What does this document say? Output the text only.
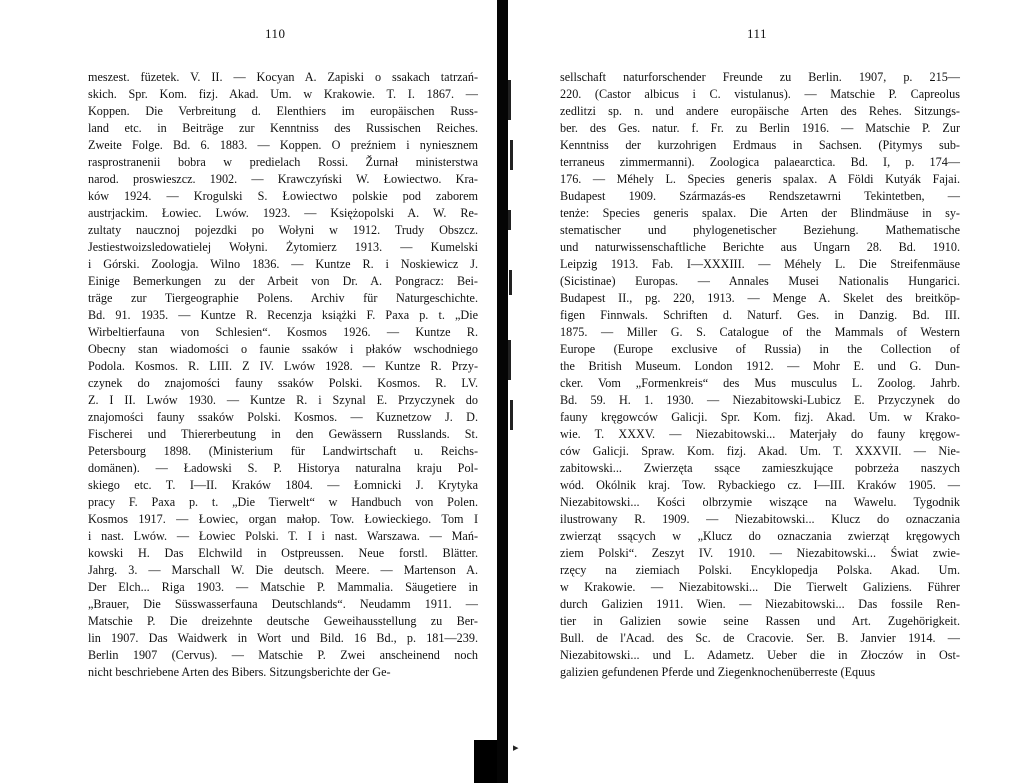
110
meszest. füzetek. V. II. — Kocyan A. Zapiski o ssakach tatrzań-
skich. Spr. Kom. fizj. Akad. Um. w Krakowie. T. I. 1867. —
Koppen. Die Verbreitung d. Elenthiers im europäischen Russ-
land etc. in Beiträge zur Kenntniss des Russischen Reiches.
Zweite Folge. Bd. 6. 1883. — Koppen. O preźniem i nyniesznem
rasprostranenii bobra w predielach Rossi. Žurnał ministerstwa
narod. proswieszcz. 1902. — Krawczyński W. Łowiectwo. Kra-
ków 1924. — Krogulski S. Łowiectwo polskie pod zaborem
austrjackim. Łowiec. Lwów. 1923. — Księżopolski A. W. Re-
zultaty naucznoj pojezdki po Wołyni w 1912. Trudy Obszcz.
Jestiestwoizsledowatielej Wołyni. Żytomierz 1913. — Kumelski
i Górski. Zoologja. Wilno 1836. — Kuntze R. i Noskiewicz J.
Einige Bemerkungen zu der Arbeit von Dr. A. Pongracz: Bei-
träge zur Tiergeographie Polens. Archiv für Naturgeschichte.
Bd. 91. 1935. — Kuntze R. Recenzja książki F. Paxa p. t. „Die
Wirbeltierfauna von Schlesien“. Kosmos 1926. — Kuntze R.
Obecny stan wiadomości o faunie ssaków i płaków wschodniego
Podola. Kosmos. R. LIII. Z IV. Lwów 1928. — Kuntze R. Przy-
czynek do znajomości fauny ssaków Polski. Kosmos. R. LV.
Z. I II. Lwów 1930. — Kuntze R. i Szynal E. Przyczynek do
znajomości fauny ssaków Polski. Kosmos. — Kuznetzow J. D.
Fischerei und Thiererbeutung in den Gewässern Russlands. St.
Petersbourg 1898. (Ministerium für Landwirtschaft u. Reichs-
domänen). — Ładowski S. P. Historya naturalna kraju Pol-
skiego etc. T. I—II. Kraków 1804. — Łomnicki J. Krytyka
pracy F. Paxa p. t. „Die Tierwelt“ w Handbuch von Polen.
Kosmos 1917. — Łowiec, organ małop. Tow. Łowieckiego. Tom I
i nast. Lwów. — Łowiec Polski. T. I i nast. Warszawa. — Mań-
kowski H. Das Elchwild in Ostpreussen. Neue forstl. Blätter.
Jahrg. 3. — Marschall W. Die deutsch. Meere. — Martenson A.
Der Elch... Riga 1903. — Matschie P. Mammalia. Säugetiere in
„Brauer, Die Süsswasserfauna Deutschlands“. Neudamm 1911. —
Matschie P. Die dreizehnte deutsche Geweihausstellung zu Ber-
lin 1907. Das Waidwerk in Wort und Bild. 16 Bd., p. 181—239.
Berlin 1907 (Cervus). — Matschie P. Zwei anscheinend noch
nicht beschriebene Arten des Bibers. Sitzungsberichte der Ge-
111
sellschaft naturforschender Freunde zu Berlin. 1907, p. 215—
220. (Castor albicus i C. vistulanus). — Matschie P. Capreolus
zedlitzi sp. n. und andere europäische Arten des Rehes. Sitzungs-
ber. des Ges. natur. f. Fr. zu Berlin 1916. — Matschie P. Zur
Kenntniss der kurzohrigen Erdmaus in Sachsen. (Pitymys sub-
terraneus zimmermanni). Zoologica palaearctica. Bd. I, p. 174—
176. — Méhely L. Species generis spalax. A Földi Kutyák Fajai.
Budapest 1909. Származás-es Rendszetawrni Tekintetben, —
tenże: Species generis spalax. Die Arten der Blindmäuse in sy-
stematischer und phylogenetischer Beziehung. Mathematische
und naturwissenschaftliche Berichte aus Ungarn 28. Bd. 1910.
Leipzig 1913. Fab. I—XXXIII. — Méhely L. Die Streifenmäuse
(Sicistinae) Europas. — Annales Musei Nationalis Hungarici.
Budapest II., pg. 220, 1913. — Menge A. Skelet des breitköp-
figen Finnwals. Schriften d. Naturf. Ges. in Danzig. Bd. III.
1875. — Miller G. S. Catalogue of the Mammals of Western
Europe (Europe exclusive of Russia) in the Collection of
the British Museum. London 1912. — Mohr E. und G. Dun-
cker. Vom „Formenkreis“ des Mus musculus L. Zoolog. Jahrb.
Bd. 59. H. 1. 1930. — Niezabitowski-Lubicz E. Przyczynek do
fauny kręgowców Galicji. Spr. Kom. fizj. Akad. Um. w Krako-
wie. T. XXXV. — Niezabitowski... Materjały do fauny kręgow-
ców Galicji. Spraw. Kom. fizj. Akad. Um. T. XXXVII. — Nie-
zabitowski... Zwierzęta ssące zamieszkujące pobrzeża naszych
wód. Okólnik kraj. Tow. Rybackiego cz. I—III. Kraków 1905. —
Niezabitowski... Kości olbrzymie wiszące na Wawelu. Tygodnik
ilustrowany R. 1909. — Niezabitowski... Klucz do oznaczania
zwierząt ssących w „Klucz do oznaczania zwierząt kręgowych
ziem Polski“. Zeszyt IV. 1910. — Niezabitowski... Świat zwie-
rzęcy na ziemiach Polski. Encyklopedja Polska. Akad. Um.
w Krakowie. — Niezabitowski... Die Tierwelt Galiziens. Führer
durch Galizien 1911. Wien. — Niezabitowski... Das fossile Ren-
tier in Galizien sowie seine Rassen und Art. Zugehörigkeit.
Bull. de l'Acad. des Sc. de Cracovie. Ser. B. Janvier 1914. —
Niezabitowski... und L. Adametz. Ueber die in Złoczów in Ost-
galizien gefundenen Pferde und Ziegenknochenüberreste (Equus
▸
